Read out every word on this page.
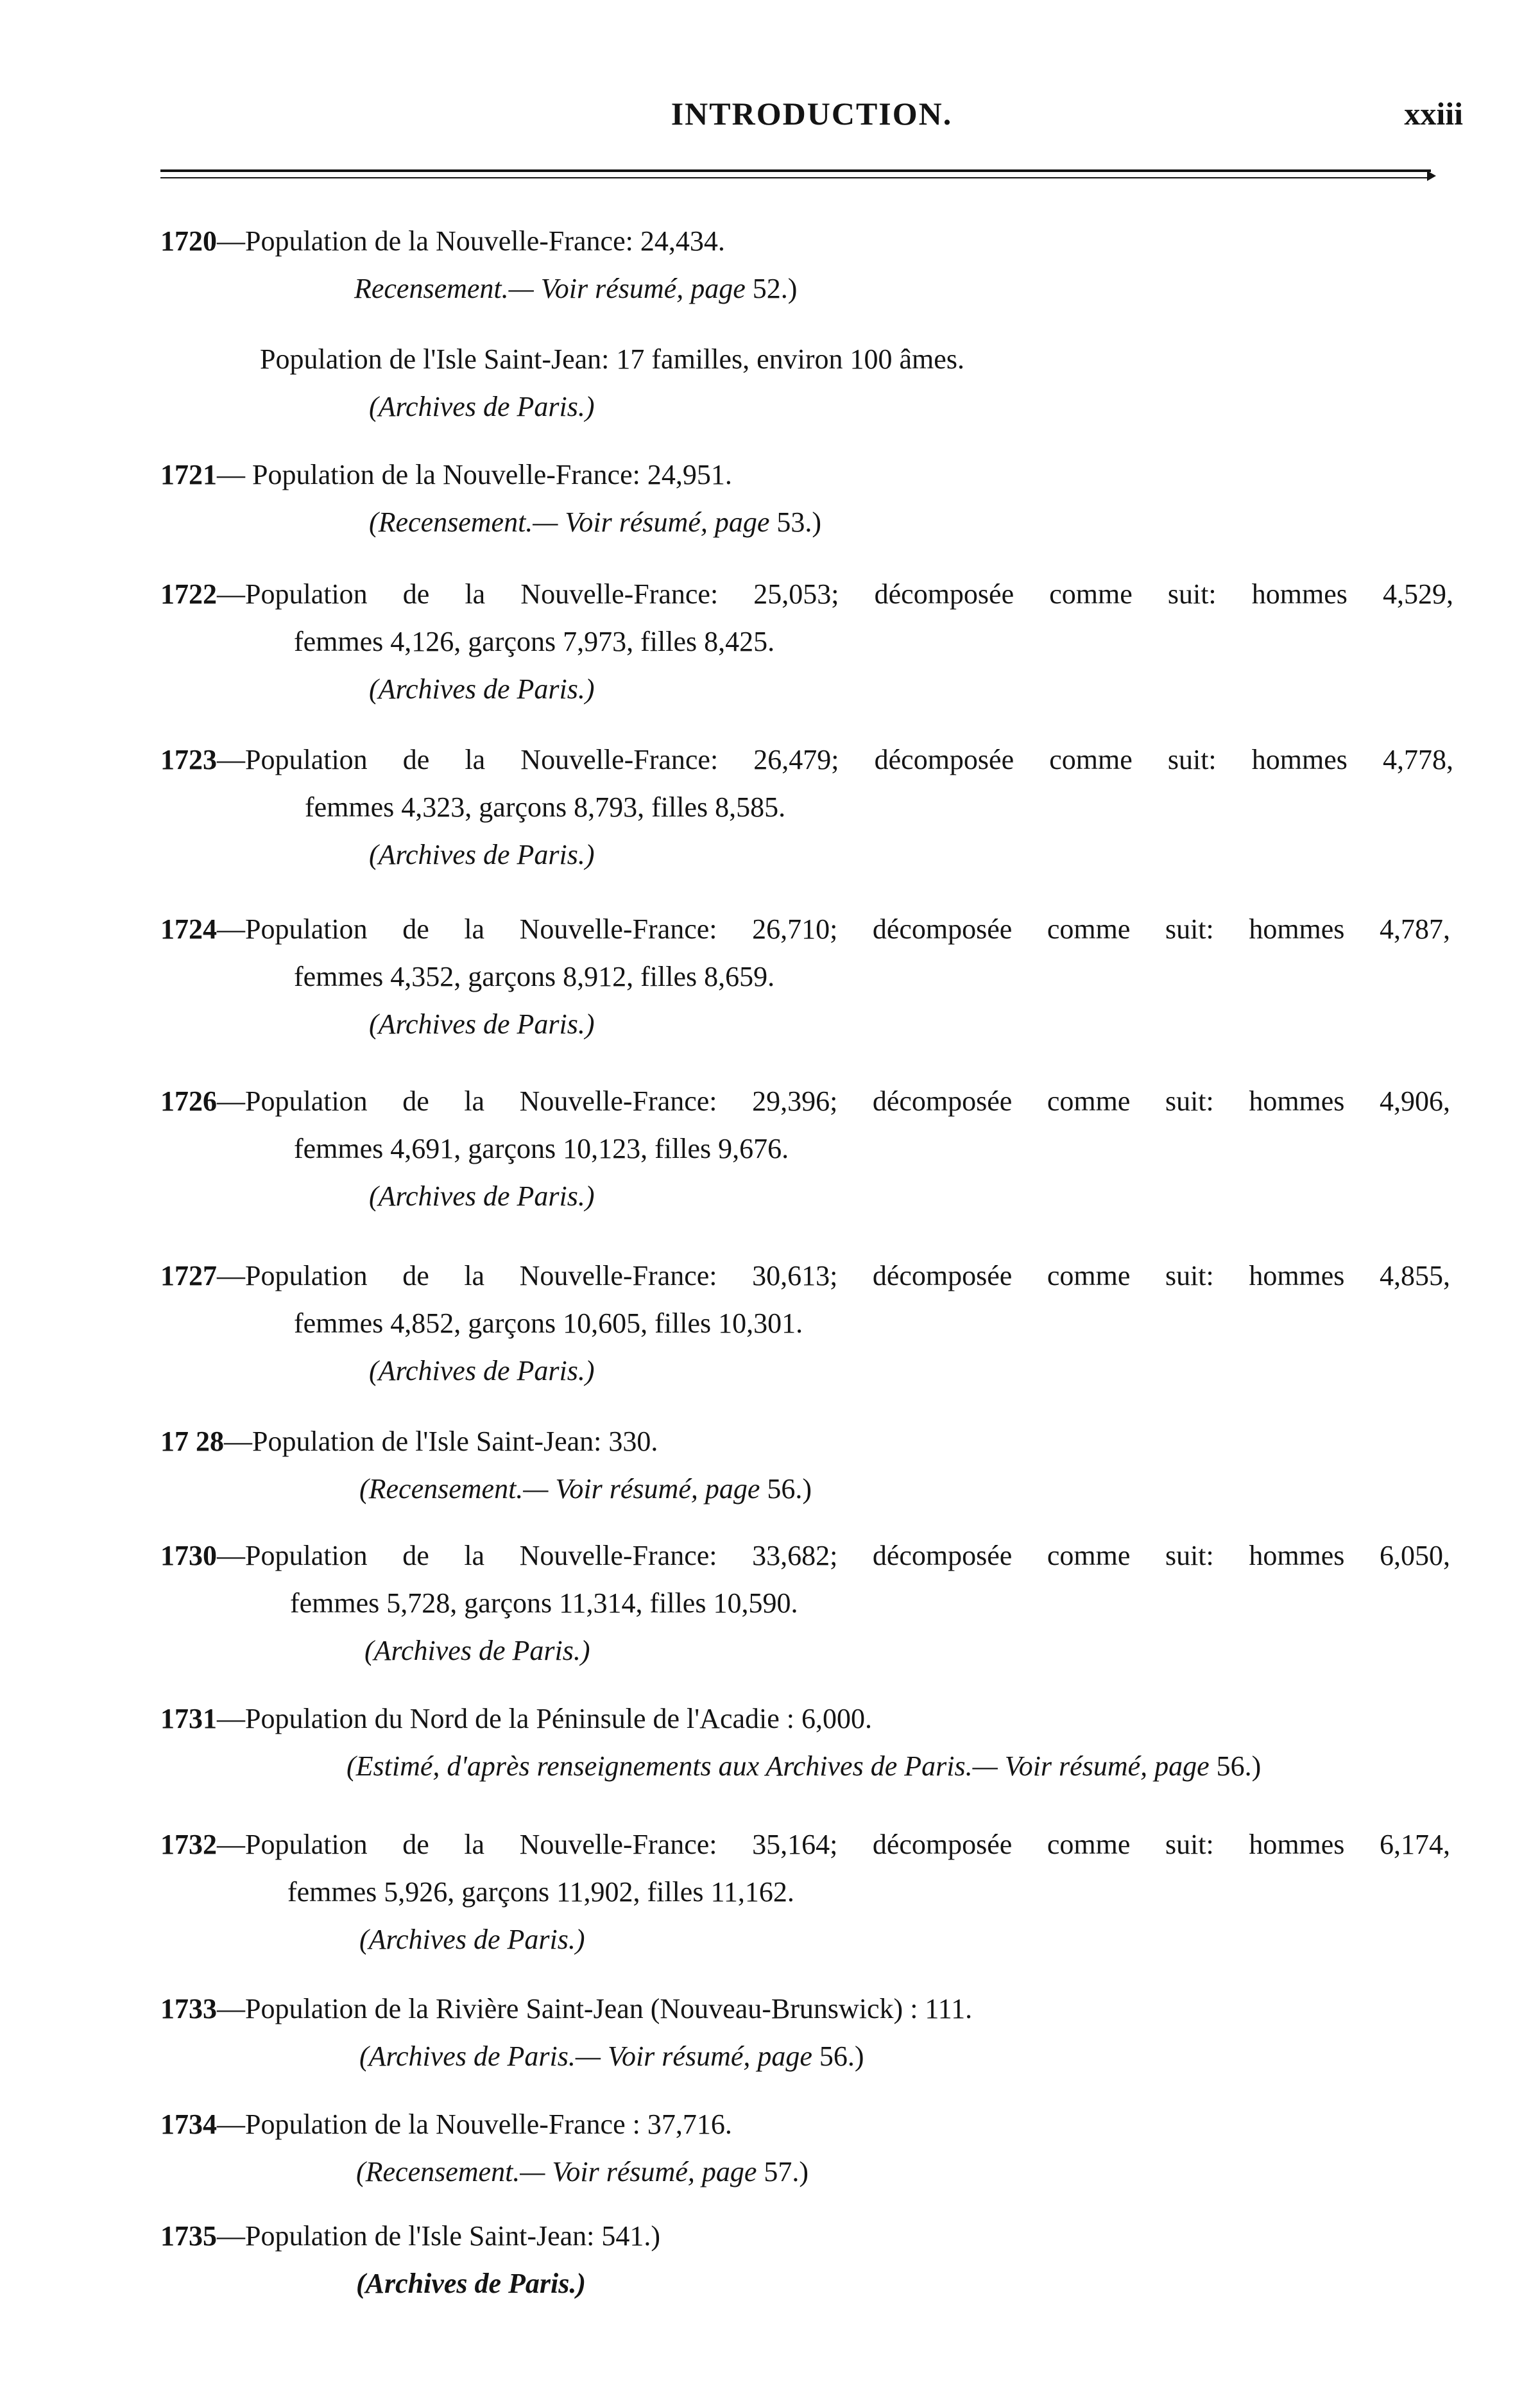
INTRODUCTION.	xxiii
1720—Population de la Nouvelle-France: 24,434.
Recensement.— Voir résumé, page 52.)
Population de l'Isle Saint-Jean: 17 familles, environ 100 âmes.
(Archives de Paris.)
1721— Population de la Nouvelle-France: 24,951.
(Recensement.— Voir résumé, page 53.)
1722—Population de la Nouvelle-France: 25,053; décomposée comme suit: hommes 4,529,
femmes 4,126, garçons 7,973, filles 8,425.
(Archives de Paris.)
1723—Population de la Nouvelle-France: 26,479; décomposée comme suit: hommes 4,778,
femmes 4,323, garçons 8,793, filles 8,585.
(Archives de Paris.)
1724—Population de la Nouvelle-France: 26,710; décomposée comme suit: hommes 4,787,
femmes 4,352, garçons 8,912, filles 8,659.
(Archives de Paris.)
1726—Population de la Nouvelle-France: 29,396; décomposée comme suit: hommes 4,906,
femmes 4,691, garçons 10,123, filles 9,676.
(Archives de Paris.)
1727—Population de la Nouvelle-France: 30,613; décomposée comme suit: hommes 4,855,
femmes 4,852, garçons 10,605, filles 10,301.
(Archives de Paris.)
17 28—Population de l'Isle Saint-Jean: 330.
(Recensement.— Voir résumé, page 56.)
1730—Population de la Nouvelle-France: 33,682; décomposée comme suit: hommes 6,050,
femmes 5,728, garçons 11,314, filles 10,590.
(Archives de Paris.)
1731—Population du Nord de la Péninsule de l'Acadie : 6,000.
(Estimé, d'après renseignements aux Archives de Paris.— Voir résumé, page 56.)
1732—Population de la Nouvelle-France: 35,164; décomposée comme suit: hommes 6,174,
femmes 5,926, garçons 11,902, filles 11,162.
(Archives de Paris.)
1733—Population de la Rivière Saint-Jean (Nouveau-Brunswick) : 111.
(Archives de Paris.— Voir résumé, page 56.)
1734—Population de la Nouvelle-France : 37,716.
(Recensement.— Voir résumé, page 57.)
1735—Population de l'Isle Saint-Jean: 541.)
(Archives de Paris.)
